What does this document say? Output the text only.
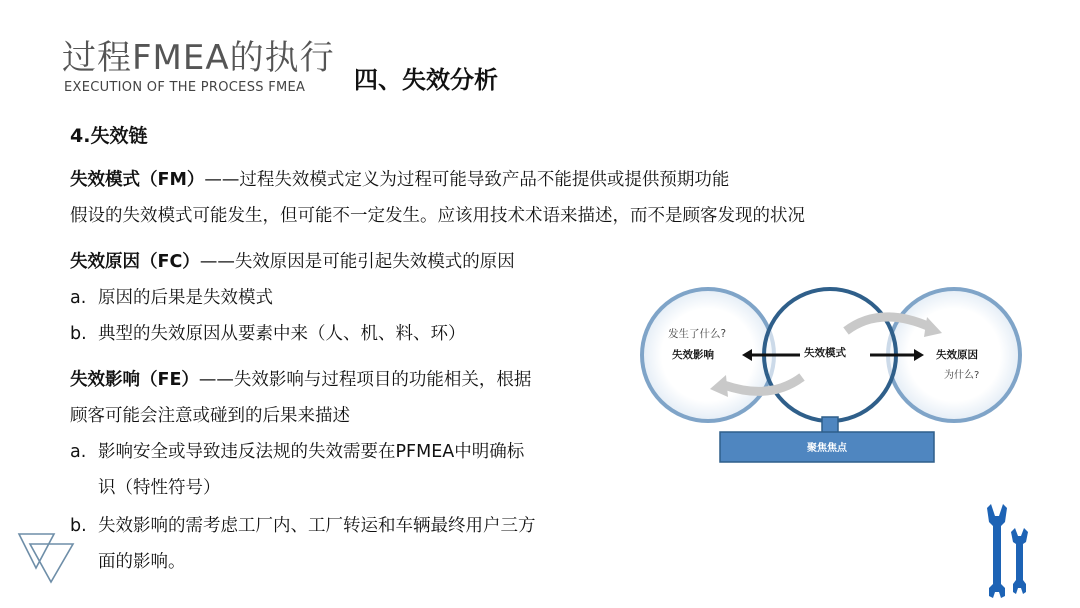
过程FMEA的执行
EXECUTION OF THE PROCESS FMEA 四、失效分析
4.失效链
失效模式（FM）——过程失效模式定义为过程可能导致产品不能提供或提供预期功能
假设的失效模式可能发生，但可能不一定发生。应该用技术术语来描述，而不是顾客发现的状况
失效原因（FC）——失效原因是可能引起失效模式的原因
a. 原因的后果是失效模式
b. 典型的失效原因从要素中来（人、机、料、环）
失效影响（FE）——失效影响与过程项目的功能相关，根据
顾客可能会注意或碰到的后果来描述
a. 影响安全或导致违反法规的失效需要在PFMEA中明确标
识（特性符号）
b. 失效影响的需考虑工厂内、工厂转运和车辆最终用户三方
面的影响。
发生了什么?
失效影响	失效模式	失效原因
为什么?
聚焦焦点
